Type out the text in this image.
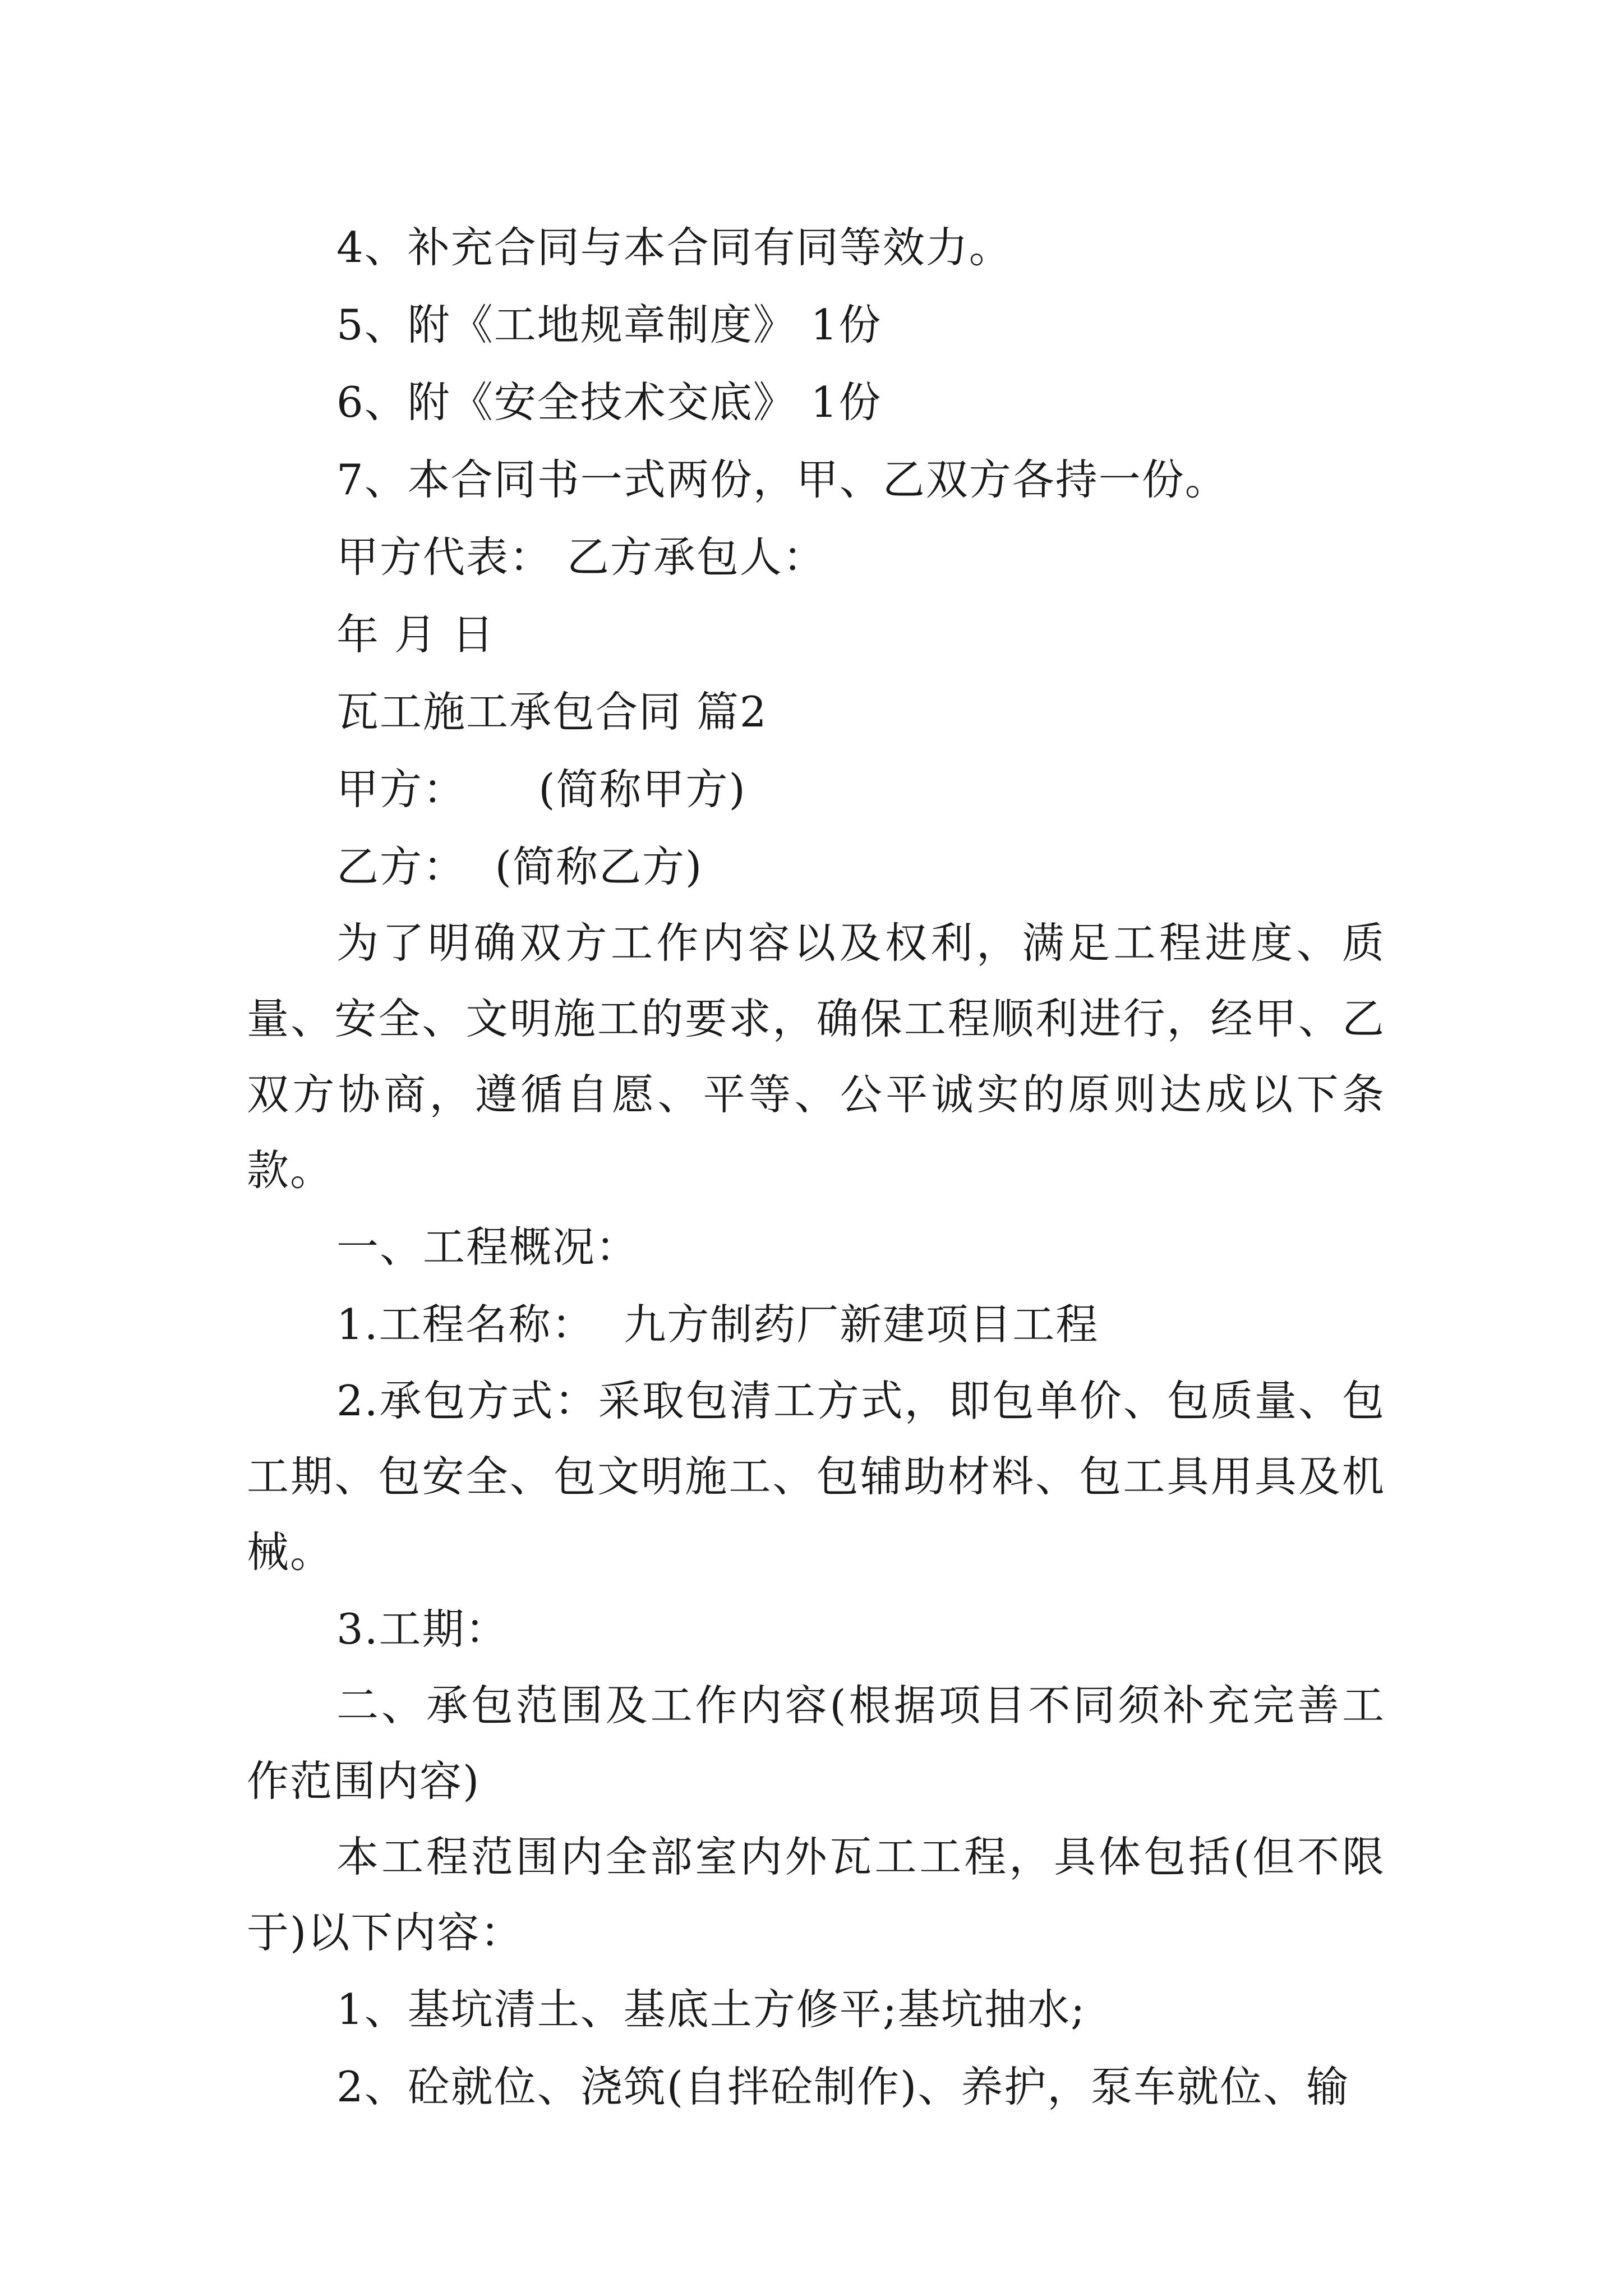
4、补充合同与本合同有同等效力。

5、附《工地规章制度》 1份

6、附《安全技术交底》 1份

7、本合同书一式两份，甲、乙双方各持一份。

甲方代表： 乙方承包人：

年 月 日

瓦工施工承包合同 篇2

甲方：     (简称甲方)

乙方：  (简称乙方)

为了明确双方工作内容以及权利，满足工程进度、质量、安全、文明施工的要求，确保工程顺利进行，经甲、乙双方协商，遵循自愿、平等、公平诚实的原则达成以下条款。

一、工程概况：

1.工程名称：  九方制药厂新建项目工程

2.承包方式：采取包清工方式，即包单价、包质量、包工期、包安全、包文明施工、包辅助材料、包工具用具及机械。

3.工期：

二、承包范围及工作内容(根据项目不同须补充完善工作范围内容)

本工程范围内全部室内外瓦工工程，具体包括(但不限于)以下内容：

1、基坑清土、基底土方修平;基坑抽水;

2、砼就位、浇筑(自拌砼制作)、养护，泵车就位、输
